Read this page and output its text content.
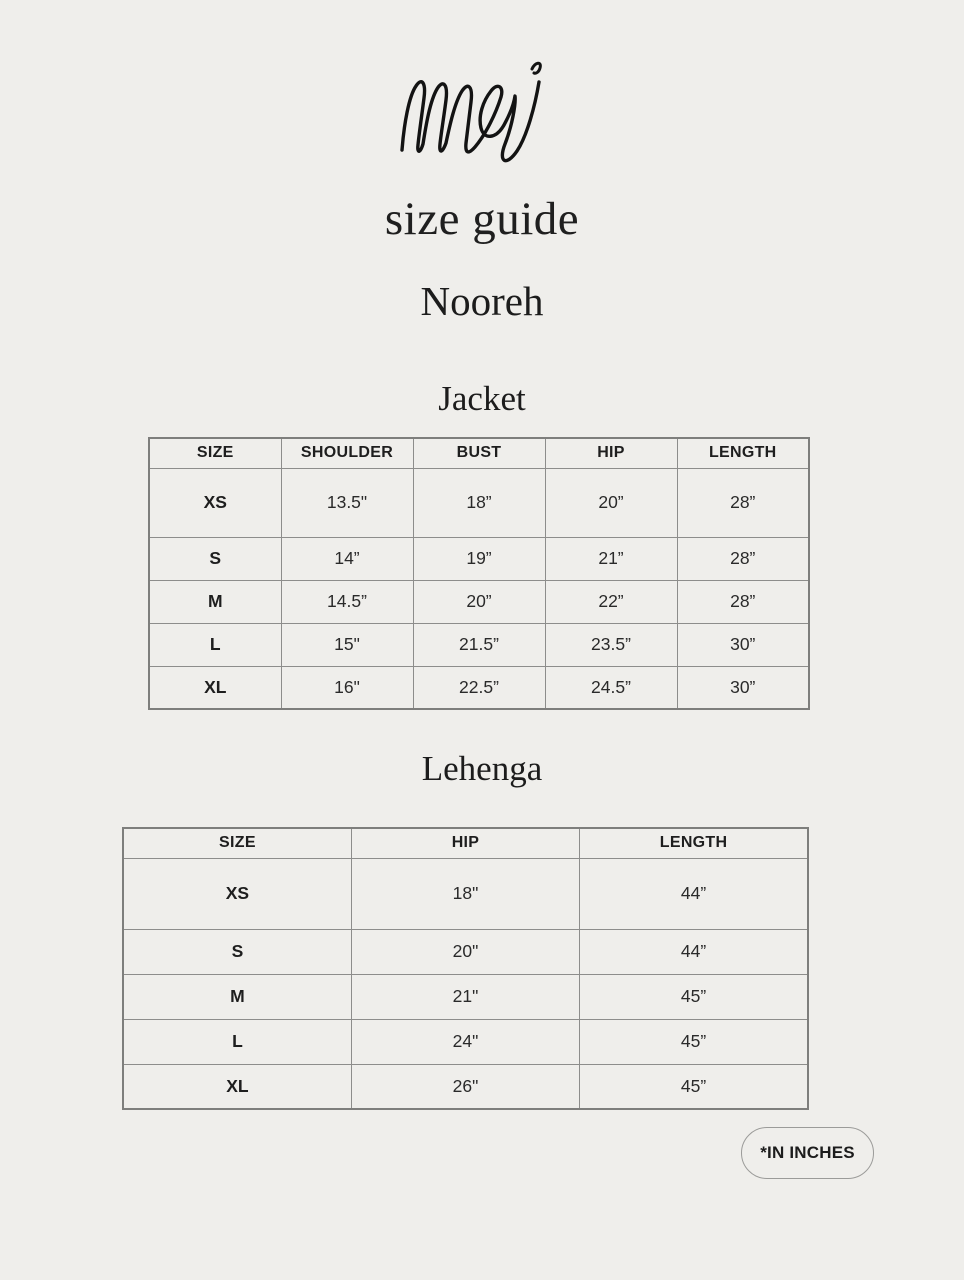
size guide
Nooreh
Jacket
SIZE	SHOULDER	BUST	HIP	LENGTH
XS	13.5"	18”	20”	28”
S	14”	19”	21”	28”
M	14.5”	20”	22”	28”
L	15"	21.5”	23.5”	30”
XL	16"	22.5”	24.5”	30”
Lehenga
SIZE	HIP	LENGTH
XS	18"	44”
S	20"	44”
M	21"	45”
L	24"	45”
XL	26"	45”
*IN INCHES
